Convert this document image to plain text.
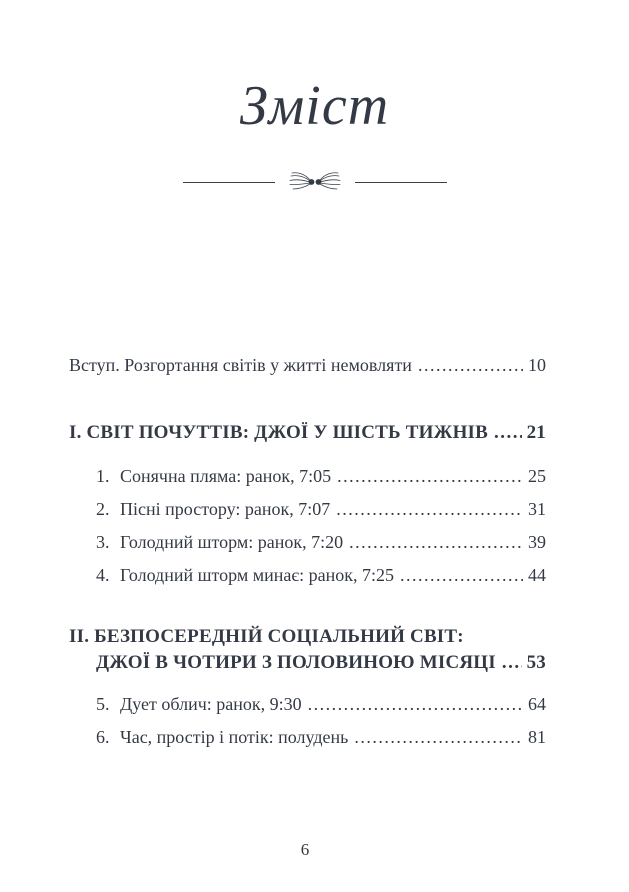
Зміст
Вступ. Розгортання світів у житті немовляти .....	10
I. СВІТ ПОЧУТТІВ: ДЖОЇ У ШІСТЬ ТИЖНІВ ..... 21
1. Сонячна пляма: ранок, 7:05 .....	25
2. Пісні простору: ранок, 7:07 .....	31
3. Голодний шторм: ранок, 7:20 .....	39
4. Голодний шторм минає: ранок, 7:25 .....	44
II. БЕЗПОСЕРЕДНІЙ СОЦІАЛЬНИЙ СВІТ:
ДЖОЇ В ЧОТИРИ З ПОЛОВИНОЮ МІСЯЦІ ..... 53
5. Дует облич: ранок, 9:30 .....	64
6. Час, простір і потік: полудень .....	81
6
